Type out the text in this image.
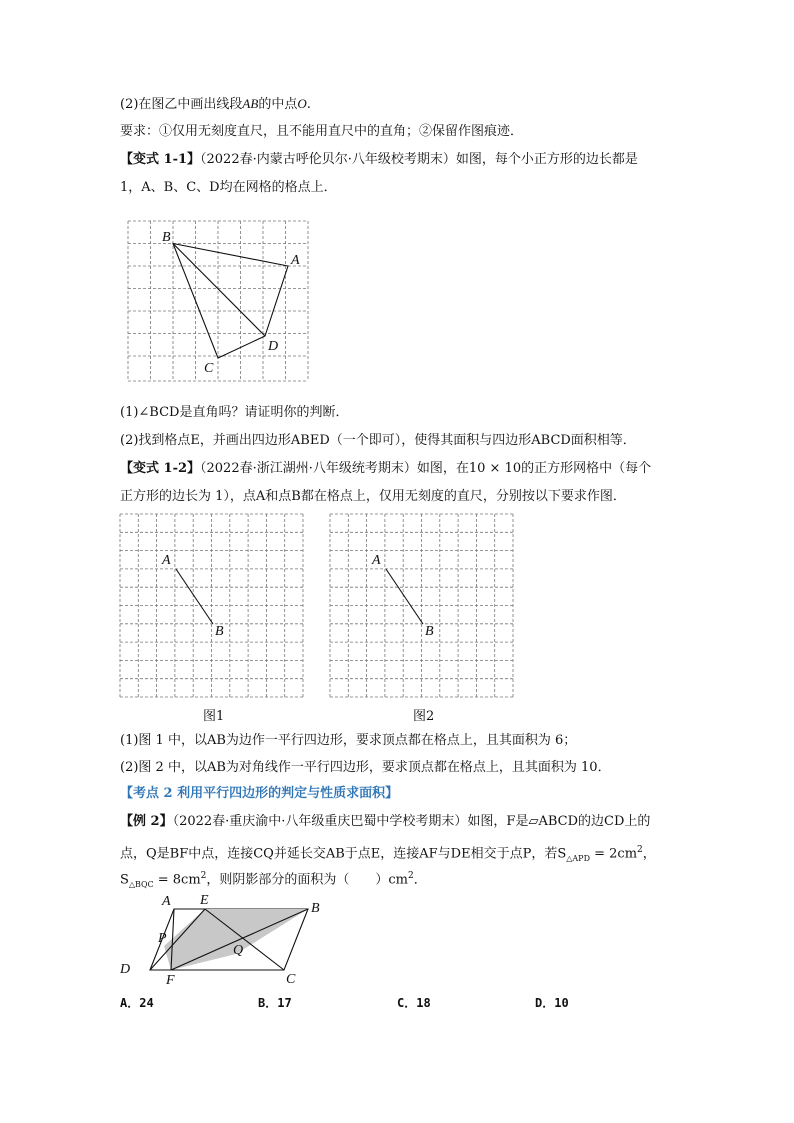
(2)在图乙中画出线段AB的中点O.
要求：①仅用无刻度直尺，且不能用直尺中的直角；②保留作图痕迹．
【变式 1-1】（2022春·内蒙古呼伦贝尔·八年级校考期末）如图，每个小正方形的边长都是
1，A、B、C、D均在网格的格点上．
B
A
D
C
(1)∠BCD是直角吗？请证明你的判断．
(2)找到格点E，并画出四边形ABED（一个即可），使得其面积与四边形ABCD面积相等．
【变式 1-2】（2022春·浙江湖州·八年级统考期末）如图，在10 × 10的正方形网格中（每个
正方形的边长为 1），点A和点B都在格点上，仅用无刻度的直尺，分别按以下要求作图．
A
B
A
B
图1	图2
(1)图 1 中，以AB为边作一平行四边形，要求顶点都在格点上，且其面积为 6；
(2)图 2 中，以AB为对角线作一平行四边形，要求顶点都在格点上，且其面积为 10．
【考点 2 利用平行四边形的判定与性质求面积】
【例 2】（2022春·重庆渝中·八年级重庆巴蜀中学校考期末）如图，F是▱ABCD的边CD上的
点，Q是BF中点，连接CQ并延长交AB于点E，连接AF与DE相交于点P，若$S_{\triangle APD} = 2cm^2$，
$S_{\triangle BQC} = 8cm^2$，则阴影部分的面积为（　　）$cm^2$．
A E
B
P
Q
D
F	C
A．24	B．17	C．18	D．10
